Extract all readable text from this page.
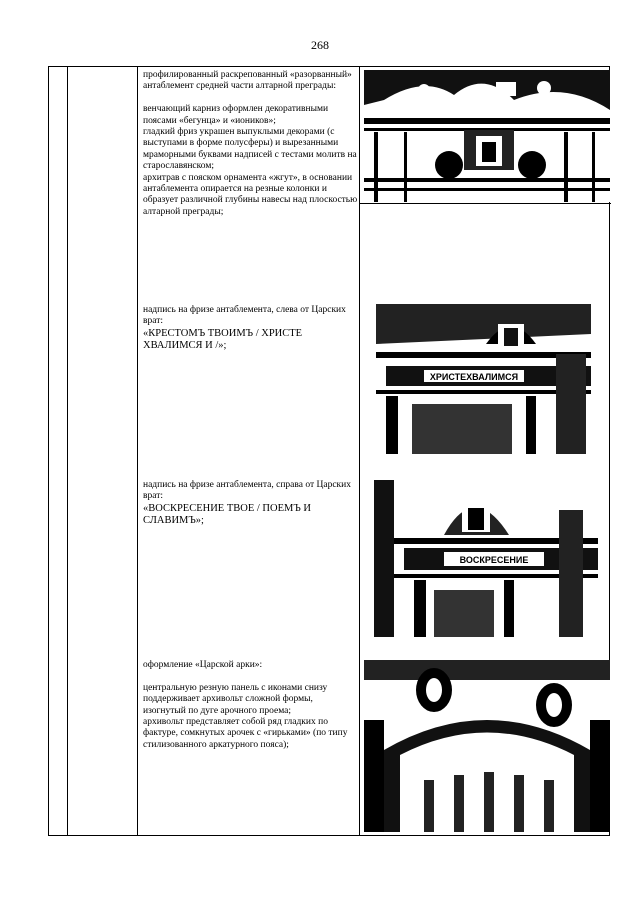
268

профилированный раскрепованный «разорванный» антаблемент средней части алтарной преграды:

венчающий карниз оформлен декоративными поясами «бегунца» и «иоников»;

гладкий фриз украшен выпуклыми декорами (с выступами в форме полусферы) и вырезанными мраморными буквами надписей с тестами молитв на старославянском;

архитрав с пояском орнамента «жгут», в основании антаблемента опирается на резные колонки и образует различной глубины навесы над плоскостью алтарной преграды;

надпись на фризе антаблемента, слева от Царских врат:

«КРЕСТОМЪ ТВОИМЪ / ХРИСТЕ ХВАЛИМСЯ И /»;

ХРИСТЕХВАЛИМСЯ

надпись на фризе антаблемента, справа от Царских врат:

«ВОСКРЕСЕНИЕ ТВОЕ / ПОЕМЪ И СЛАВИМЪ»;

ВОСКРЕСЕНИЕ

оформление «Царской арки»:

центральную резную панель с иконами снизу поддерживает архивольт сложной формы, изогнутый по дуге арочного проема;

архивольт представляет собой ряд гладких по фактуре, сомкнутых арочек с «гирьками» (по типу стилизованного аркатурного пояса);
